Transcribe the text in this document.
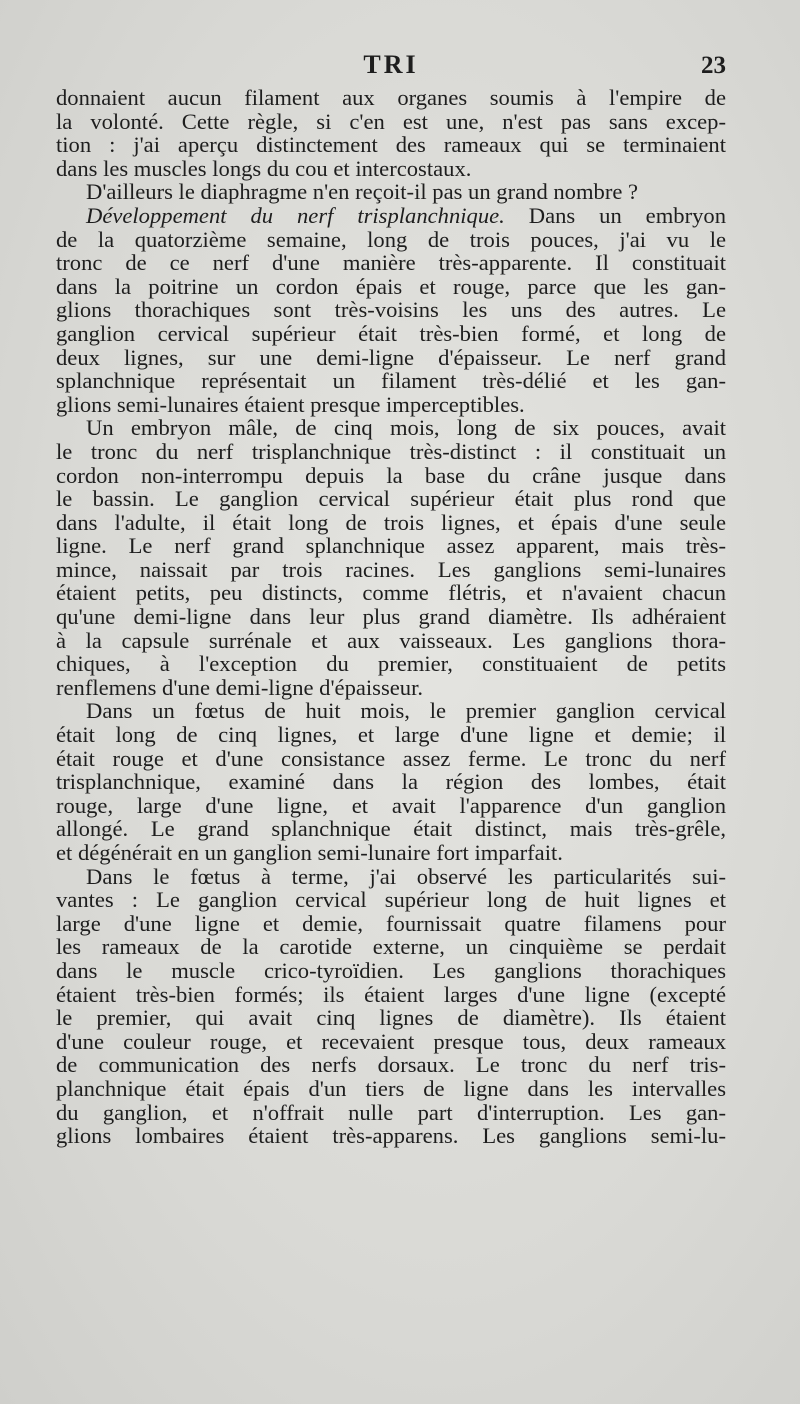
TRI	23

donnaient aucun filament aux organes soumis à l'empire de

la volonté. Cette règle, si c'en est une, n'est pas sans excep-

tion : j'ai aperçu distinctement des rameaux qui se terminaient

dans les muscles longs du cou et intercostaux.

D'ailleurs le diaphragme n'en reçoit-il pas un grand nombre ?

Développement du nerf trisplanchnique. Dans un embryon

de la quatorzième semaine, long de trois pouces, j'ai vu le

tronc de ce nerf d'une manière très-apparente. Il constituait

dans la poitrine un cordon épais et rouge, parce que les gan-

glions thorachiques sont très-voisins les uns des autres. Le

ganglion cervical supérieur était très-bien formé, et long de

deux lignes, sur une demi-ligne d'épaisseur. Le nerf grand

splanchnique représentait un filament très-délié et les gan-

glions semi-lunaires étaient presque imperceptibles.

Un embryon mâle, de cinq mois, long de six pouces, avait

le tronc du nerf trisplanchnique très-distinct : il constituait un

cordon non-interrompu depuis la base du crâne jusque dans

le bassin. Le ganglion cervical supérieur était plus rond que

dans l'adulte, il était long de trois lignes, et épais d'une seule

ligne. Le nerf grand splanchnique assez apparent, mais très-

mince, naissait par trois racines. Les ganglions semi-lunaires

étaient petits, peu distincts, comme flétris, et n'avaient chacun

qu'une demi-ligne dans leur plus grand diamètre. Ils adhéraient

à la capsule surrénale et aux vaisseaux. Les ganglions thora-

chiques, à l'exception du premier, constituaient de petits

renflemens d'une demi-ligne d'épaisseur.

Dans un fœtus de huit mois, le premier ganglion cervical

était long de cinq lignes, et large d'une ligne et demie; il

était rouge et d'une consistance assez ferme. Le tronc du nerf

trisplanchnique, examiné dans la région des lombes, était

rouge, large d'une ligne, et avait l'apparence d'un ganglion

allongé. Le grand splanchnique était distinct, mais très-grêle,

et dégénérait en un ganglion semi-lunaire fort imparfait.

Dans le fœtus à terme, j'ai observé les particularités sui-

vantes : Le ganglion cervical supérieur long de huit lignes et

large d'une ligne et demie, fournissait quatre filamens pour

les rameaux de la carotide externe, un cinquième se perdait

dans le muscle crico-tyroïdien. Les ganglions thorachiques

étaient très-bien formés; ils étaient larges d'une ligne (excepté

le premier, qui avait cinq lignes de diamètre). Ils étaient

d'une couleur rouge, et recevaient presque tous, deux rameaux

de communication des nerfs dorsaux. Le tronc du nerf tris-

planchnique était épais d'un tiers de ligne dans les intervalles

du ganglion, et n'offrait nulle part d'interruption. Les gan-

glions lombaires étaient très-apparens. Les ganglions semi-lu-
